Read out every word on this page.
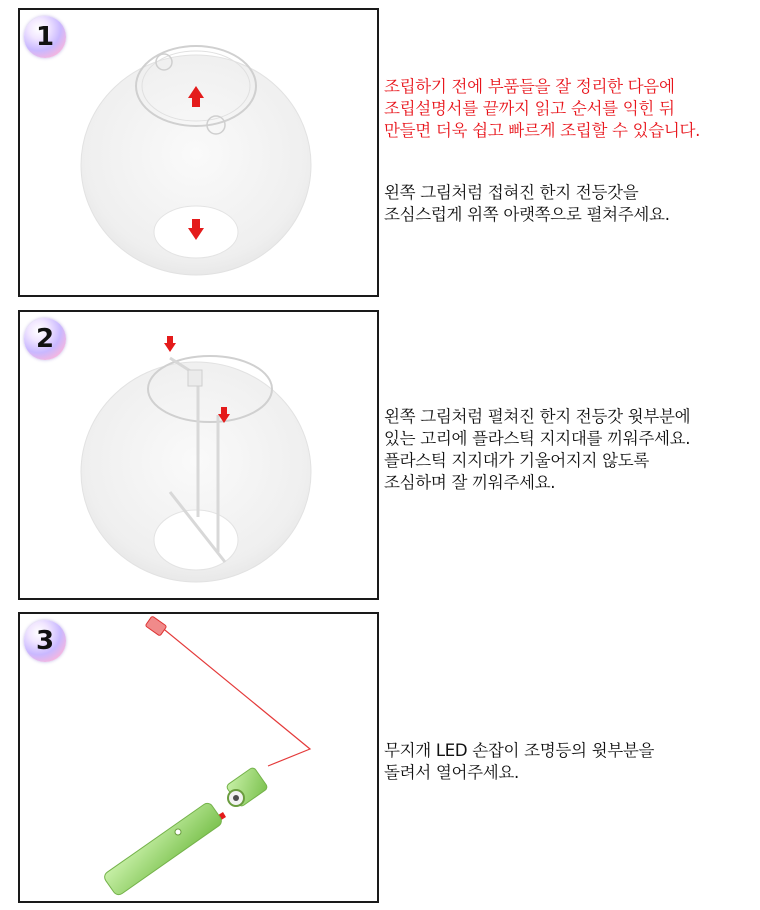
1
조립하기 전에 부품들을 잘 정리한 다음에
조립설명서를 끝까지 읽고 순서를 익힌 뒤
만들면 더욱 쉽고 빠르게 조립할 수 있습니다.
왼쪽 그림처럼 접혀진 한지 전등갓을
조심스럽게 위쪽 아랫쪽으로 펼쳐주세요.
2
왼쪽 그림처럼 펼쳐진 한지 전등갓 윗부분에
있는 고리에 플라스틱 지지대를 끼워주세요.
플라스틱 지지대가 기울어지지 않도록
조심하며 잘 끼워주세요.
3
무지개 LED 손잡이 조명등의 윗부분을
돌려서 열어주세요.
